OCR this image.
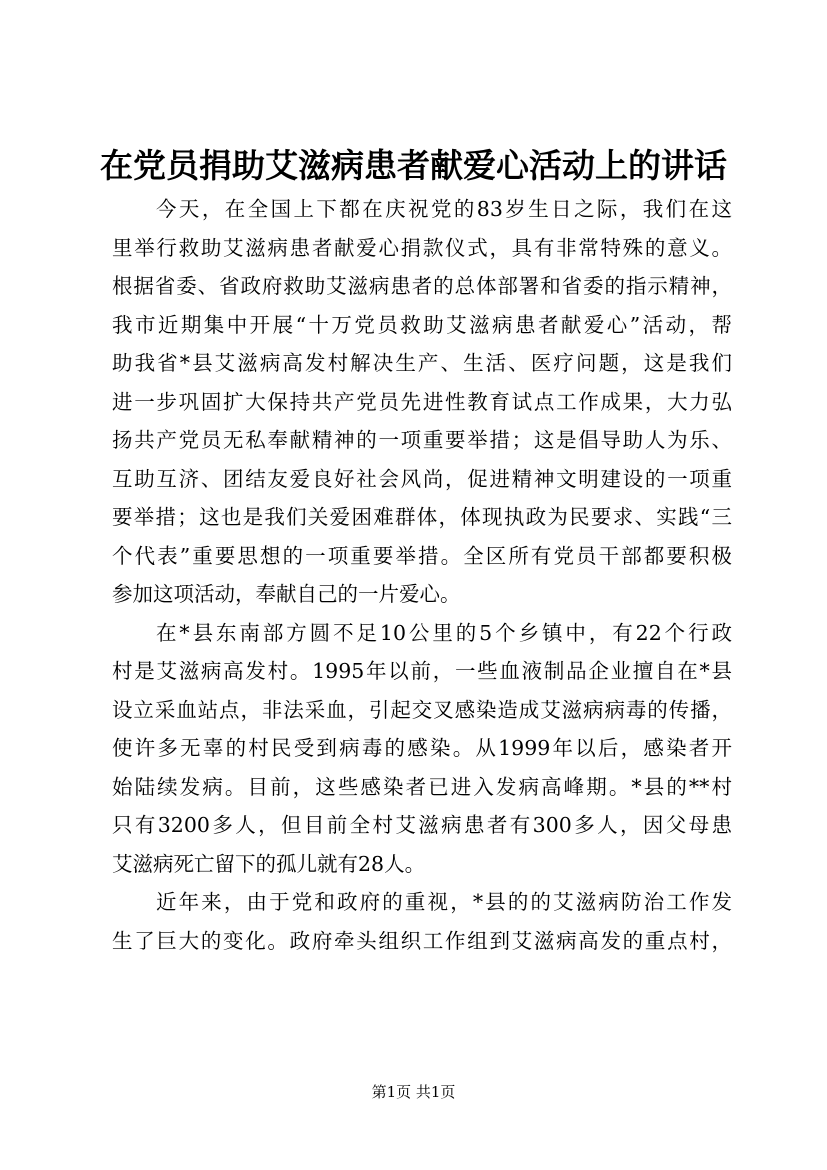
在党员捐助艾滋病患者献爱心活动上的讲话
今天，在全国上下都在庆祝党的83岁生日之际，我们在这
里举行救助艾滋病患者献爱心捐款仪式，具有非常特殊的意义。
根据省委、省政府救助艾滋病患者的总体部署和省委的指示精神，
我市近期集中开展“十万党员救助艾滋病患者献爱心”活动，帮
助我省*县艾滋病高发村解决生产、生活、医疗问题，这是我们
进一步巩固扩大保持共产党员先进性教育试点工作成果，大力弘
扬共产党员无私奉献精神的一项重要举措；这是倡导助人为乐、
互助互济、团结友爱良好社会风尚，促进精神文明建设的一项重
要举措；这也是我们关爱困难群体，体现执政为民要求、实践“三
个代表”重要思想的一项重要举措。全区所有党员干部都要积极
参加这项活动，奉献自己的一片爱心。
在*县东南部方圆不足10公里的5个乡镇中，有22个行政
村是艾滋病高发村。1995年以前，一些血液制品企业擅自在*县
设立采血站点，非法采血，引起交叉感染造成艾滋病病毒的传播，
使许多无辜的村民受到病毒的感染。从1999年以后，感染者开
始陆续发病。目前，这些感染者已进入发病高峰期。*县的**村
只有3200多人，但目前全村艾滋病患者有300多人，因父母患
艾滋病死亡留下的孤儿就有28人。
近年来，由于党和政府的重视，*县的的艾滋病防治工作发
生了巨大的变化。政府牵头组织工作组到艾滋病高发的重点村，
第1页 共1页
